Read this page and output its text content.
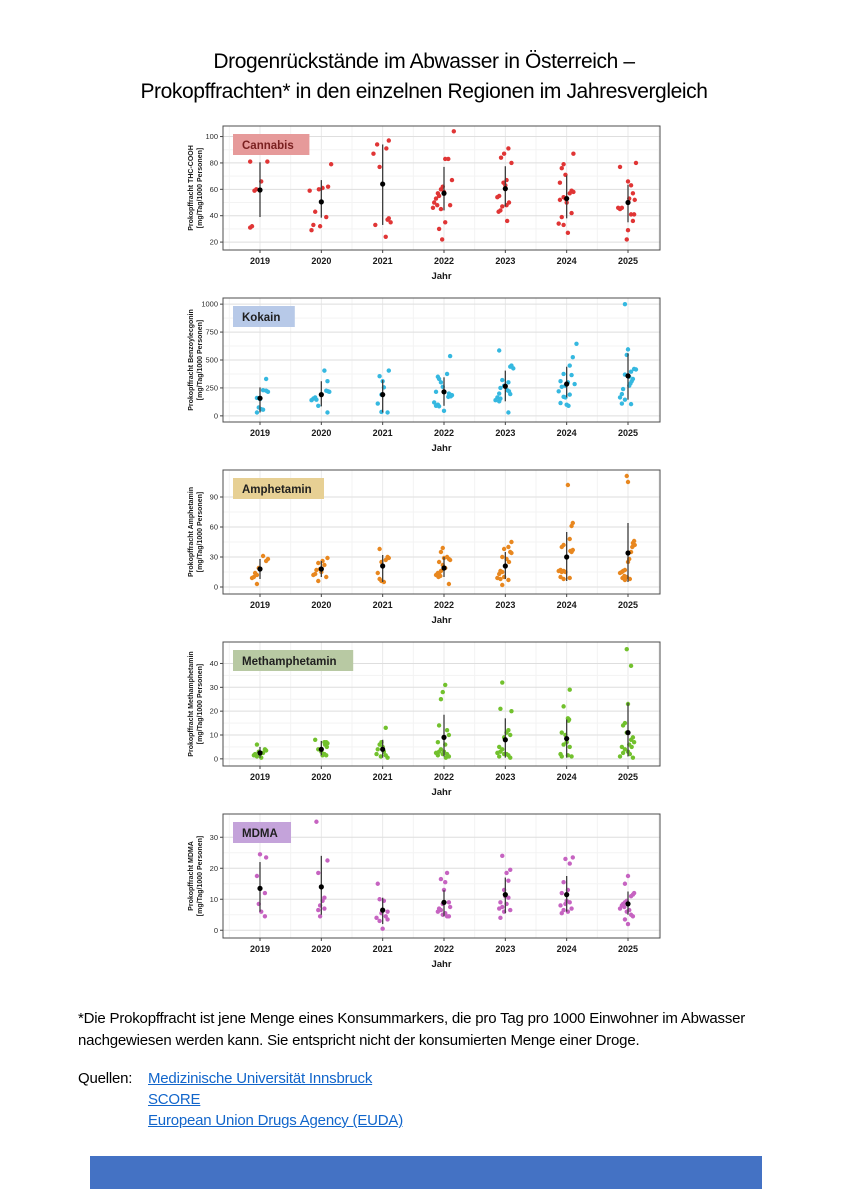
Drogenrückstände im Abwasser in Österreich –
Prokopffrachten* in den einzelnen Regionen im Jahresvergleich
20
40
60
80
100
Cannabis
2019	2020	2021	2022	2023	2024	2025
Jahr
Prokopffracht THC-COOH [mg/Tag/1000 Personen]
0
250
500
750
1000
Kokain
2019	2020	2021	2022	2023	2024	2025
Jahr
Prokopffracht Benzoylecgonin [mg/Tag/1000 Personen]
0
30
60
90
Amphetamin
2019	2020	2021	2022	2023	2024	2025
Jahr
Prokopffracht Amphetamin [mg/Tag/1000 Personen]
0
10
20
30
40 Methamphetamin
2019	2020	2021	2022	2023	2024	2025
Jahr
Prokopffracht Methamphetamin [mg/Tag/1000 Personen]
0
10
20
30 MDMA
2019	2020	2021	2022	2023	2024	2025
Jahr
Prokopffracht MDMA [mg/Tag/1000 Personen]
*Die Prokopffracht ist jene Menge eines Konsummarkers, die pro Tag pro 1000 Einwohner im Abwasser nachgewiesen werden kann. Sie entspricht nicht der konsumierten Menge einer Droge.
Quellen:	Medizinische Universität Innsbruck
SCORE
European Union Drugs Agency (EUDA)
